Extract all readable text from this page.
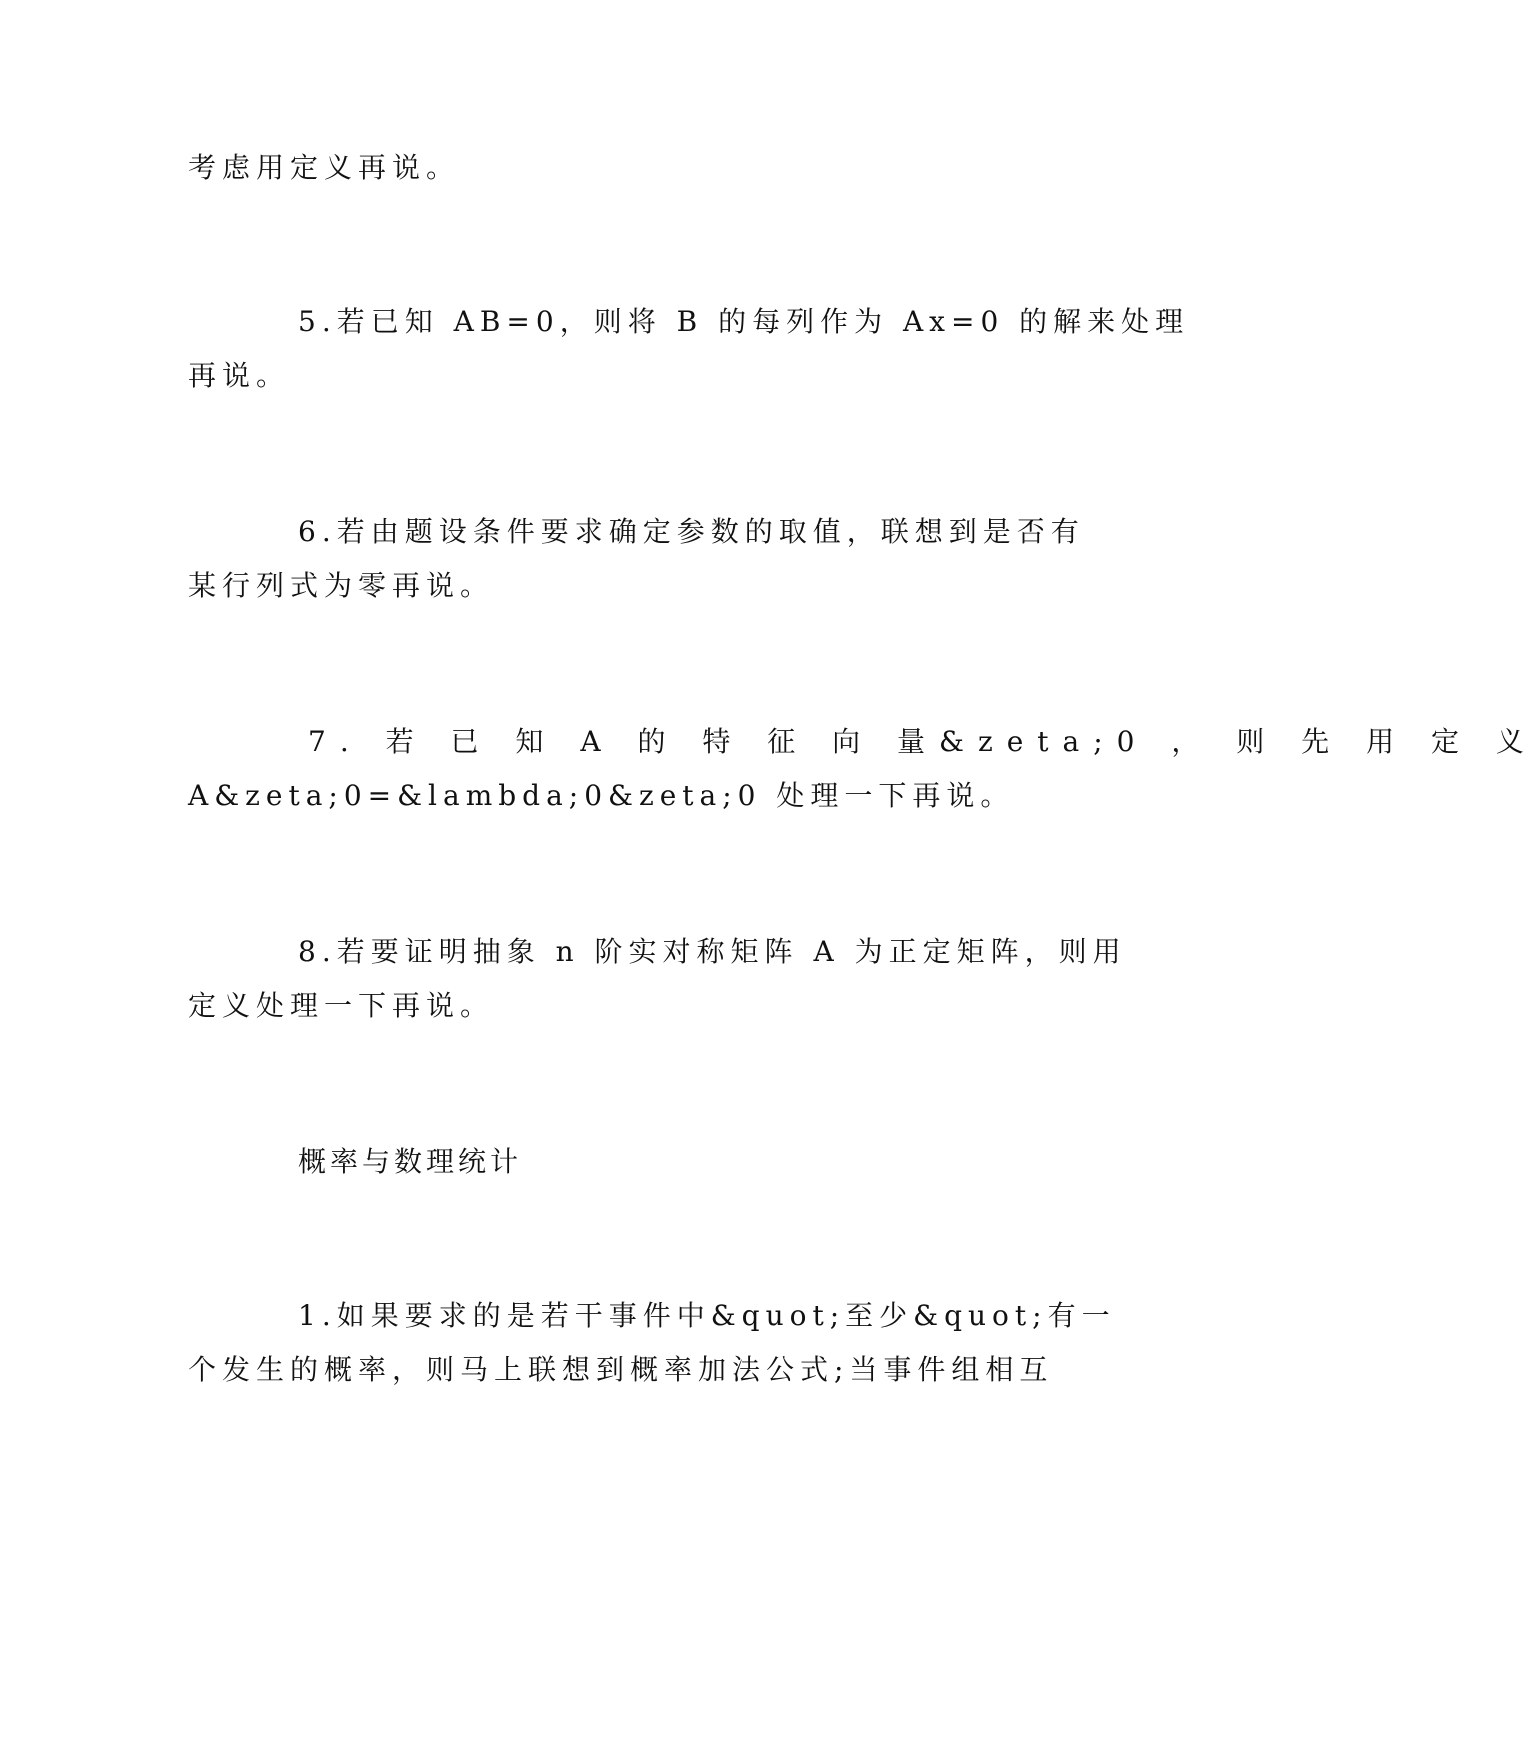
考虑用定义再说。
5.若已知 AB=0，则将 B 的每列作为 Ax=0 的解来处理
再说。
6.若由题设条件要求确定参数的取值，联想到是否有
某行列式为零再说。
7. 若 已 知 A 的 特 征 向 量&zeta;0 ， 则 先 用 定 义
A&zeta;0=&lambda;0&zeta;0 处理一下再说。
8.若要证明抽象 n 阶实对称矩阵 A 为正定矩阵，则用
定义处理一下再说。
概率与数理统计
1.如果要求的是若干事件中&quot;至少&quot;有一
个发生的概率，则马上联想到概率加法公式;当事件组相互
